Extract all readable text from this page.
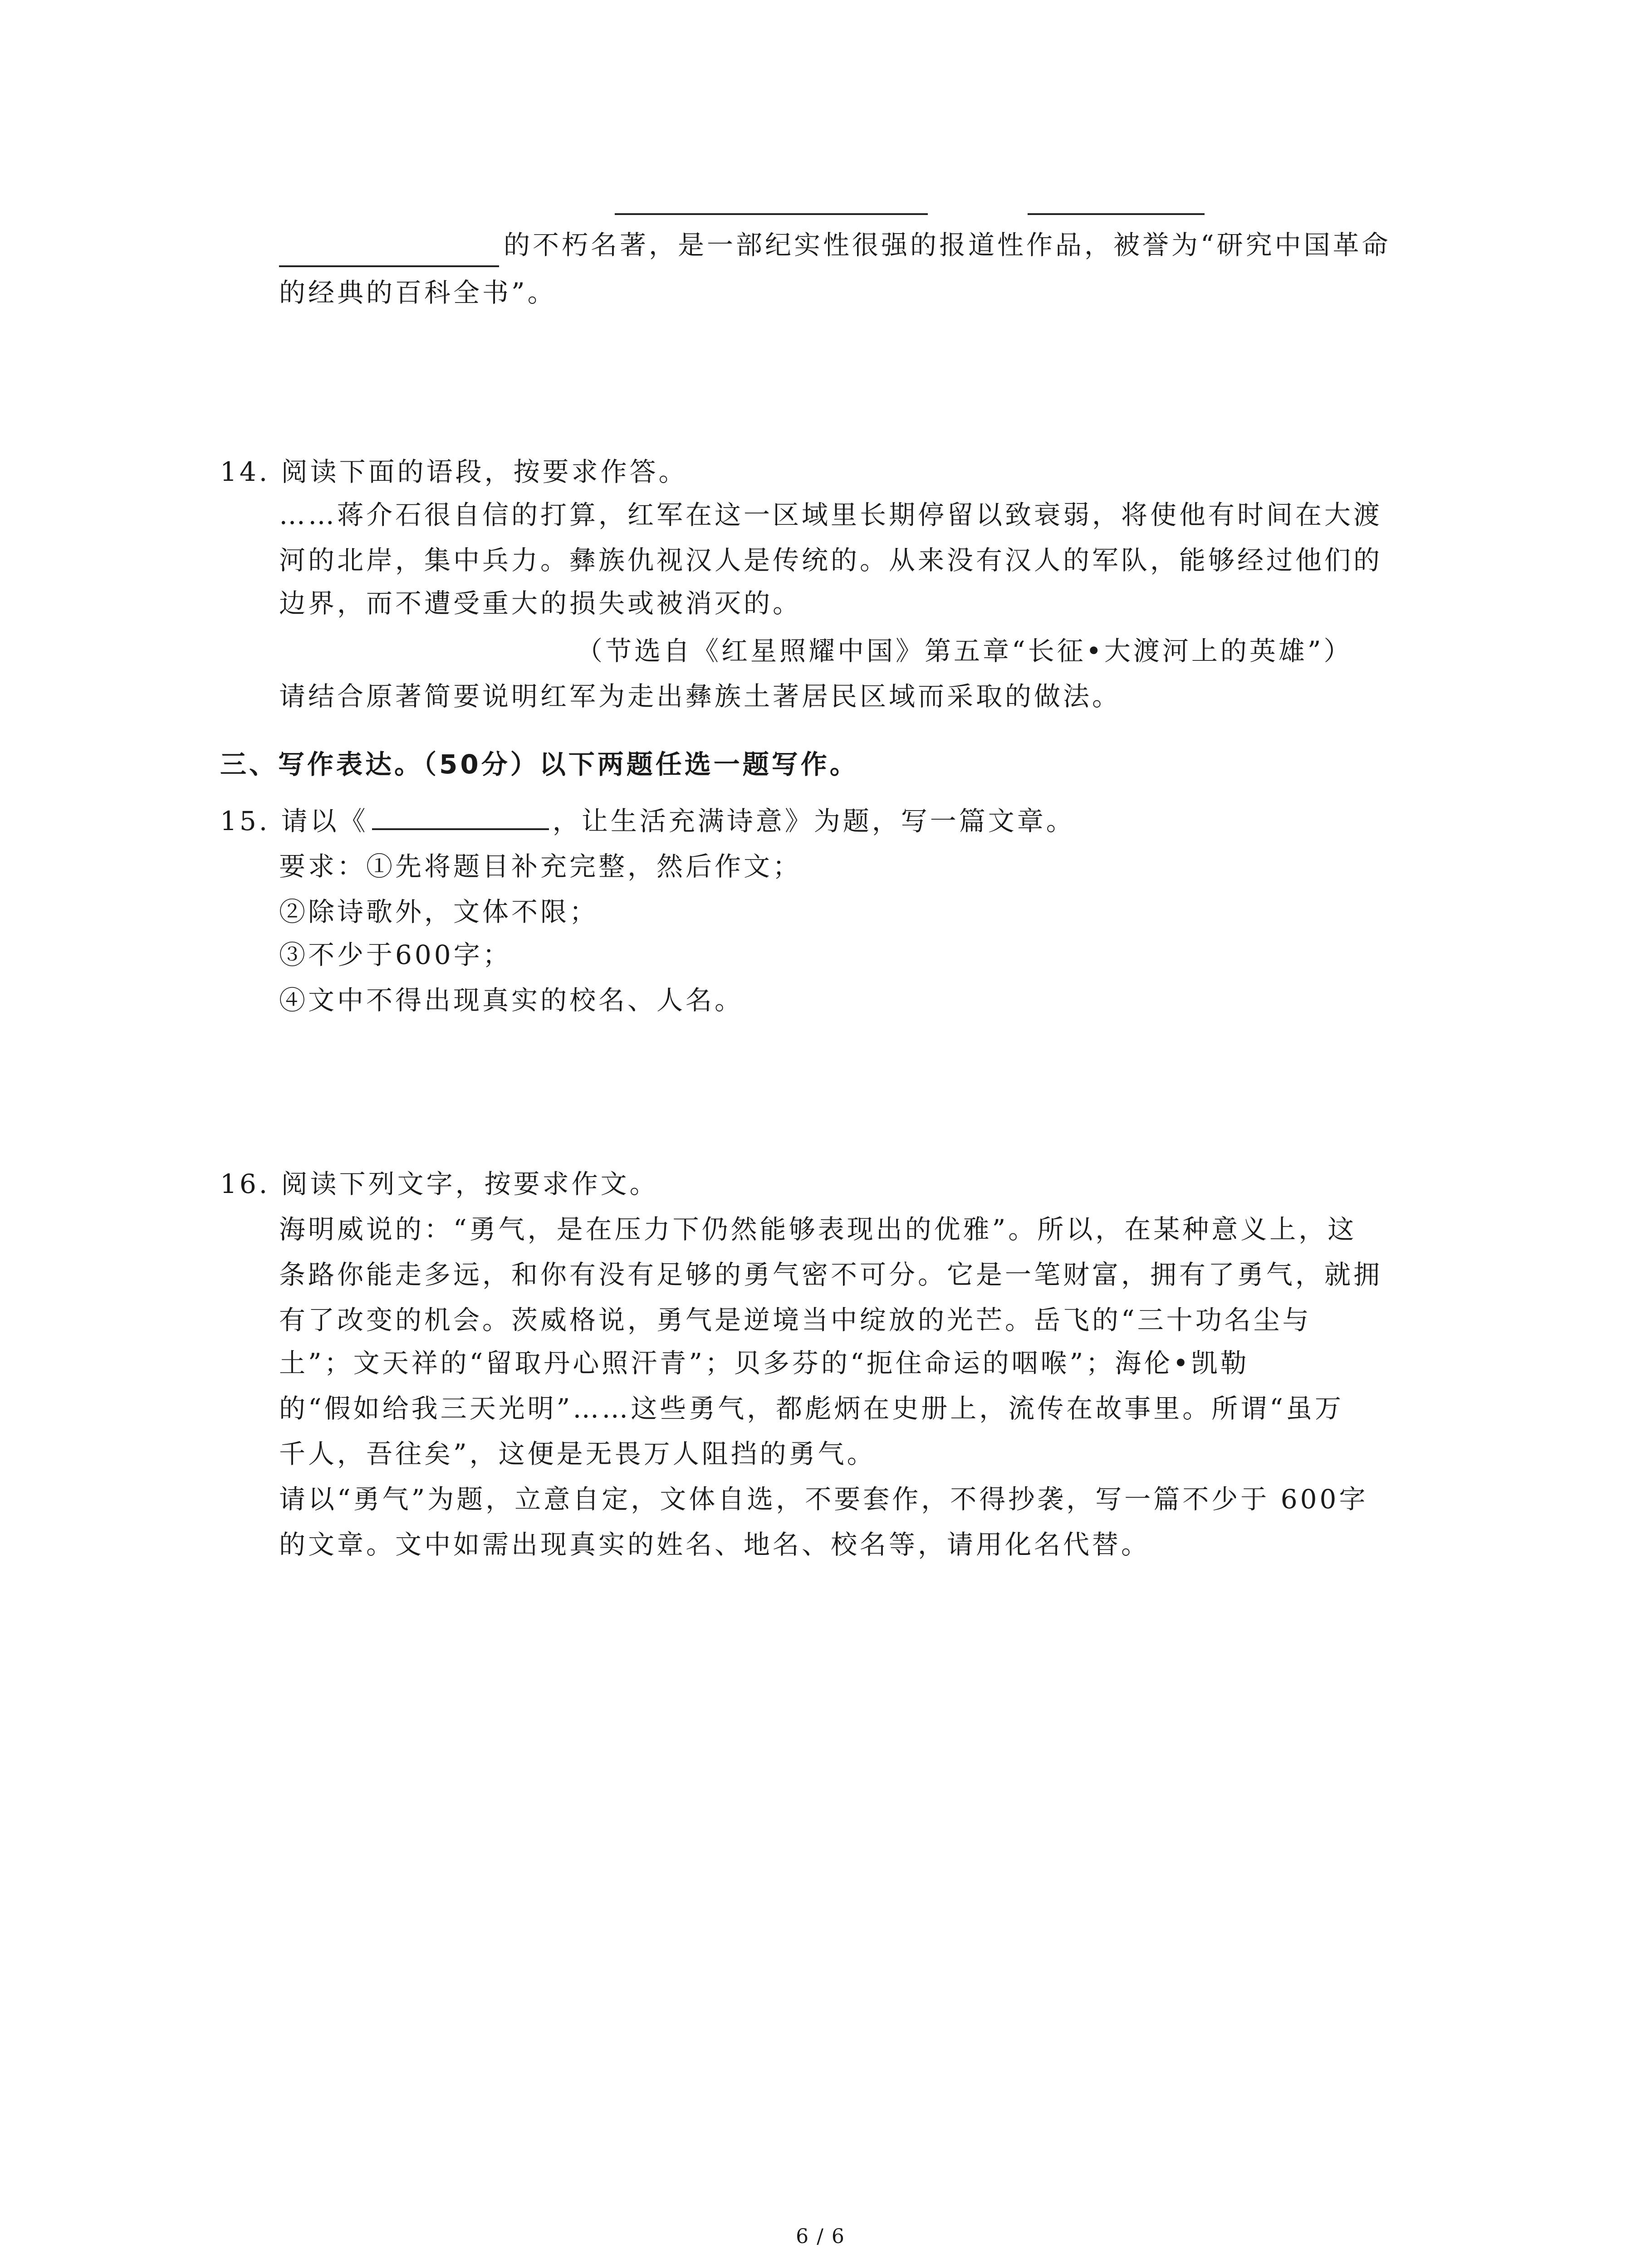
的不朽名著，是一部纪实性很强的报道性作品，被誉为“研究中国革命
的经典的百科全书”。
14. 阅读下面的语段，按要求作答。
……蒋介石很自信的打算，红军在这一区域里长期停留以致衰弱，将使他有时间在大渡
河的北岸，集中兵力。彝族仇视汉人是传统的。从来没有汉人的军队，能够经过他们的
边界，而不遭受重大的损失或被消灭的。
（节选自《红星照耀中国》第五章“长征•大渡河上的英雄”）
请结合原著简要说明红军为走出彝族土著居民区域而采取的做法。
三、写作表达。（50分）以下两题任选一题写作。
15. 请以《	，让生活充满诗意》为题，写一篇文章。
要求：①先将题目补充完整，然后作文；
②除诗歌外，文体不限；
③不少于600字；
④文中不得出现真实的校名、人名。
16. 阅读下列文字，按要求作文。
海明威说的：“勇气，是在压力下仍然能够表现出的优雅”。所以，在某种意义上，这
条路你能走多远，和你有没有足够的勇气密不可分。它是一笔财富，拥有了勇气，就拥
有了改变的机会。茨威格说，勇气是逆境当中绽放的光芒。岳飞的“三十功名尘与
土”；文天祥的“留取丹心照汗青”；贝多芬的“扼住命运的咽喉”；海伦•凯勒
的“假如给我三天光明”……这些勇气，都彪炳在史册上，流传在故事里。所谓“虽万
千人，吾往矣”，这便是无畏万人阻挡的勇气。
请以“勇气”为题，立意自定，文体自选，不要套作，不得抄袭，写一篇不少于 600字
的文章。文中如需出现真实的姓名、地名、校名等，请用化名代替。
6 / 6
